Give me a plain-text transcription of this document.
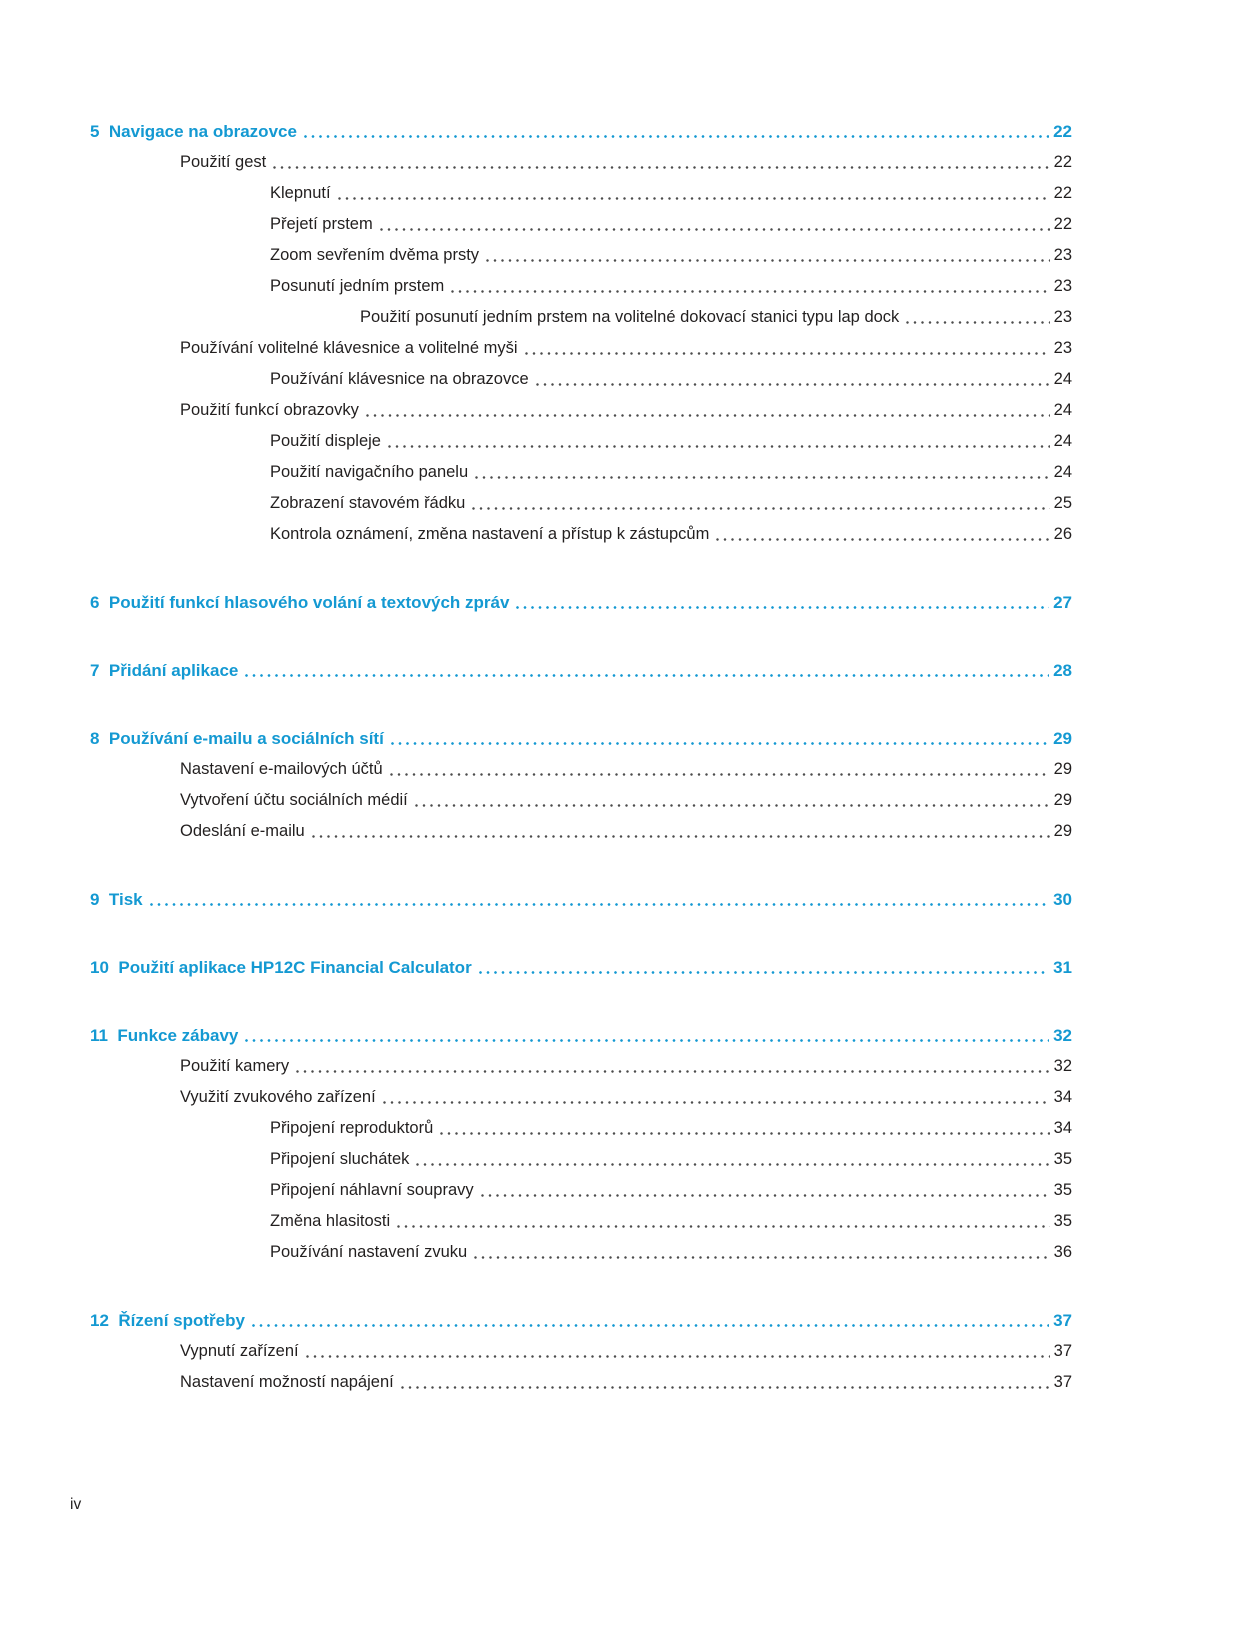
5  Navigace na obrazovce	22
Použití gest	22
Klepnutí	22
Přejetí prstem	22
Zoom sevřením dvěma prsty	23
Posunutí jedním prstem	23
Použití posunutí jedním prstem na volitelné dokovací stanici typu lap dock	23
Používání volitelné klávesnice a volitelné myši	23
Používání klávesnice na obrazovce	24
Použití funkcí obrazovky	24
Použití displeje	24
Použití navigačního panelu	24
Zobrazení stavovém řádku	25
Kontrola oznámení, změna nastavení a přístup k zástupcům	26
6  Použití funkcí hlasového volání a textových zpráv	27
7  Přidání aplikace	28
8  Používání e-mailu a sociálních sítí	29
Nastavení e-mailových účtů	29
Vytvoření účtu sociálních médií	29
Odeslání e-mailu	29
9  Tisk	30
10  Použití aplikace HP12C Financial Calculator	31
11  Funkce zábavy	32
Použití kamery	32
Využití zvukového zařízení	34
Připojení reproduktorů	34
Připojení sluchátek	35
Připojení náhlavní soupravy	35
Změna hlasitosti	35
Používání nastavení zvuku	36
12  Řízení spotřeby	37
Vypnutí zařízení	37
Nastavení možností napájení	37
iv
